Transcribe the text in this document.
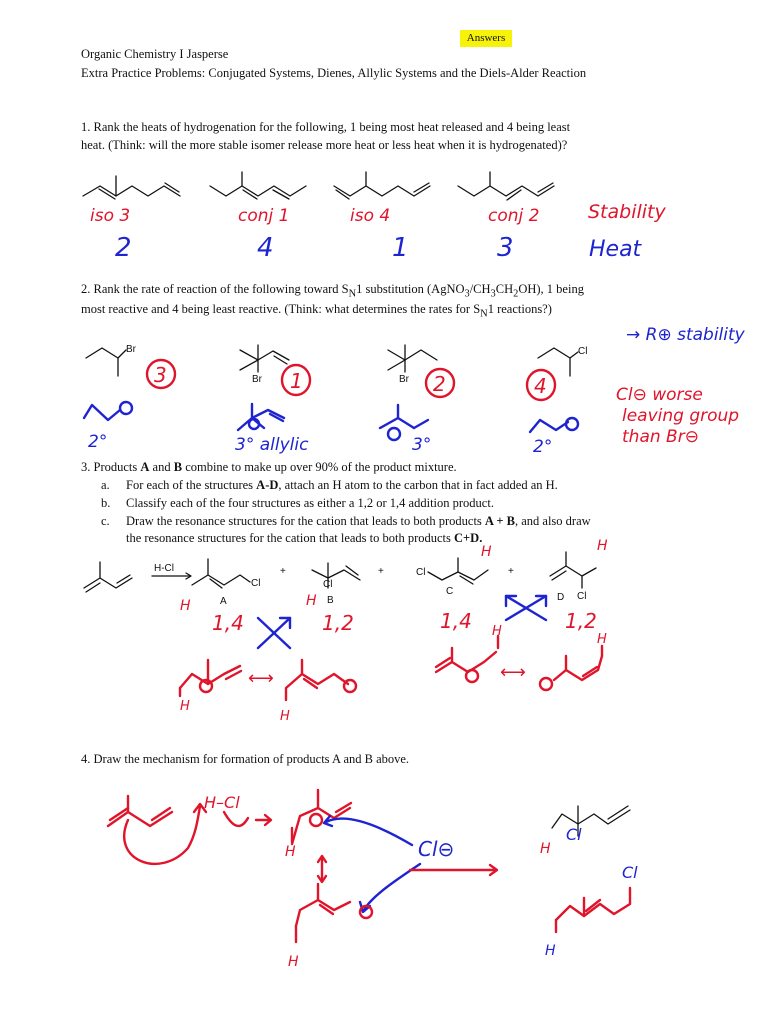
Answers
Organic Chemistry I Jasperse
Extra Practice Problems: Conjugated Systems, Dienes, Allylic Systems and the Diels-Alder Reaction
1. Rank the heats of hydrogenation for the following, 1 being most heat released and 4 being least
heat. (Think: will the more stable isomer release more heat or less heat when it is hydrogenated)?
2. Rank the rate of reaction of the following toward $S_N1$ substitution $(AgNO_3/CH_3CH_2OH)$, 1 being
most reactive and 4 being least reactive. (Think: what determines the rates for $S_N1$ reactions?)
3. Products A and B combine to make up over 90% of the product mixture.
a. For each of the structures A-D, attach an H atom to the carbon that in fact added an H.
b. Classify each of the four structures as either a 1,2 or 1,4 addition product.
c. Draw the resonance structures for the cation that leads to both products A + B, and also draw
the resonance structures for the cation that leads to both products C+D.
4. Draw the mechanism for formation of products A and B above.
iso 3	conj 1	iso 4	conj 2	Stability
2	4	1	3	Heat
Br
Br	Br
Cl
3	1	2	4
2°	3° allylic	3°	2°
→ R⊕ stability
Cl⊖ worse
leaving group
than Br⊖
H-Cl
Cl
A
+
Cl
B
+	Cl
C
+
Cl
D
H	H
H	H
1,4	1,2	1,4	1,2
H
⟷
H
H
⟷
H
H–Cl
H	Cl⊖
H
Cl
H
Cl
H
